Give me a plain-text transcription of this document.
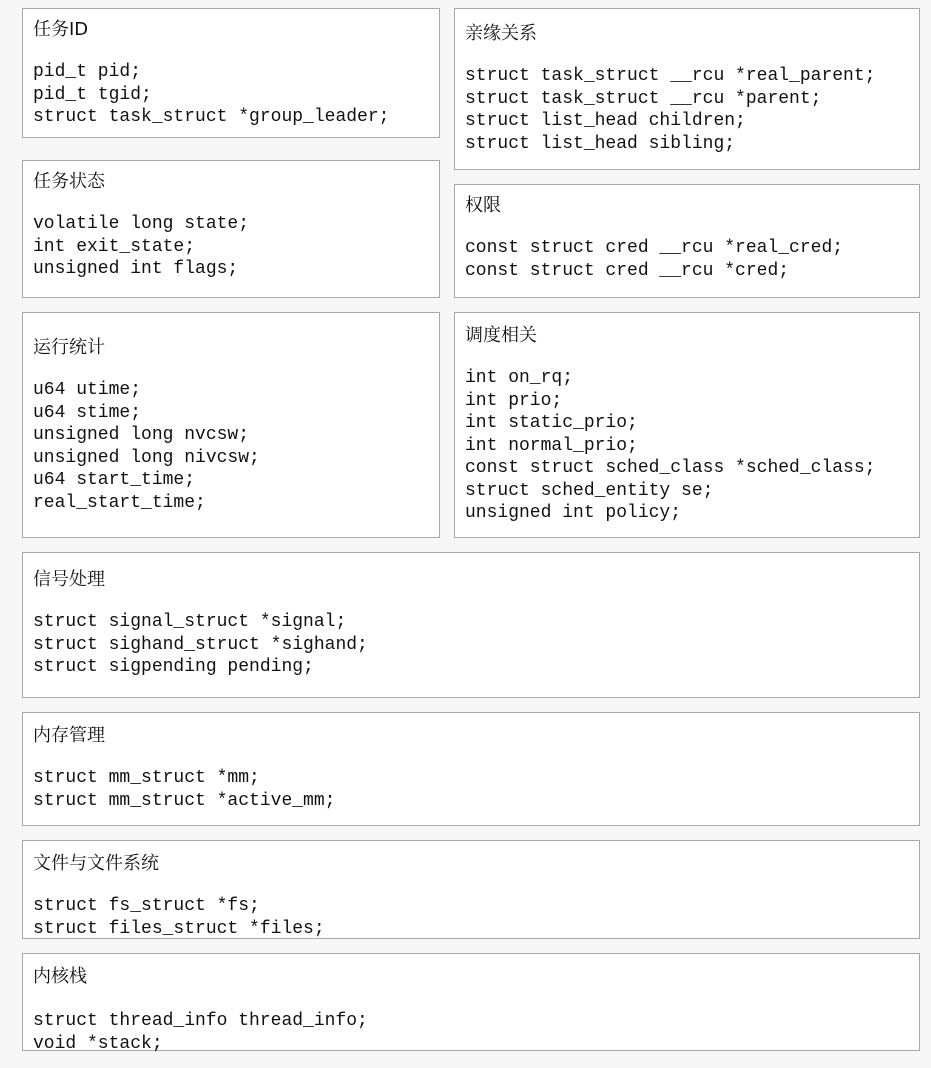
任务ID
pid_t pid;
pid_t tgid;
struct task_struct *group_leader;
亲缘关系
struct task_struct __rcu *real_parent;
struct task_struct __rcu *parent;
struct list_head children;
struct list_head sibling;
任务状态
volatile long state;
int exit_state;
unsigned int flags;
权限
const struct cred __rcu *real_cred;
const struct cred __rcu *cred;
运行统计
u64 utime;
u64 stime;
unsigned long nvcsw;
unsigned long nivcsw;
u64 start_time;
real_start_time;
调度相关
int on_rq;
int prio;
int static_prio;
int normal_prio;
const struct sched_class *sched_class;
struct sched_entity se;
unsigned int policy;
信号处理
struct signal_struct *signal;
struct sighand_struct *sighand;
struct sigpending pending;
内存管理
struct mm_struct *mm;
struct mm_struct *active_mm;
文件与文件系统
struct fs_struct *fs;
struct files_struct *files;
内核栈
struct thread_info thread_info;
void *stack;
